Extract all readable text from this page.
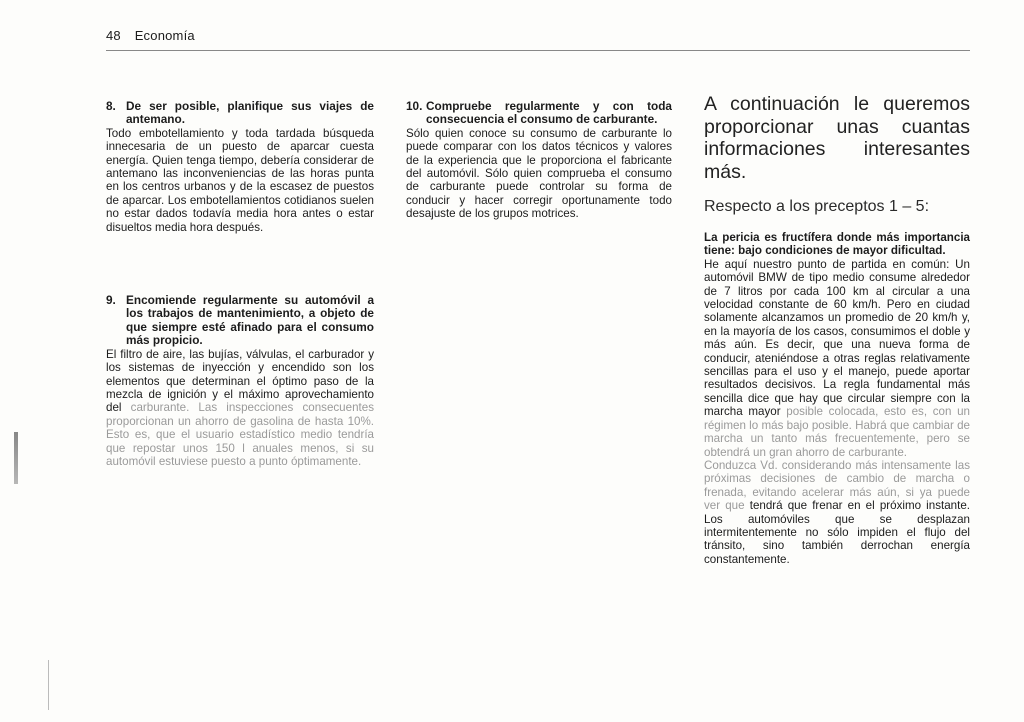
48 Economía
8. De ser posible, planifique sus viajes de antemano.

Todo embotellamiento y toda tardada búsqueda innecesaria de un puesto de aparcar cuesta energía. Quien tenga tiempo, debería considerar de antemano las inconveniencias de las horas punta en los centros urbanos y de la escasez de puestos de aparcar. Los embotellamientos cotidianos suelen no estar dados todavía media hora antes o estar disueltos media hora después.

9. Encomiende regularmente su automóvil a los trabajos de mantenimiento, a objeto de que siempre esté afinado para el consumo más propicio.

El filtro de aire, las bujías, válvulas, el carburador y los sistemas de inyección y encendido son los elementos que determinan el óptimo paso de la mezcla de ignición y el máximo aprovechamiento del carburante. Las inspecciones consecuentes proporcionan un ahorro de gasolina de hasta 10%. Esto es, que el usuario estadístico medio tendría que repostar unos 150 l anuales menos, si su automóvil estuviese puesto a punto óptimamente.

10. Compruebe regularmente y con toda consecuencia el consumo de carburante.

Sólo quien conoce su consumo de carburante lo puede comparar con los datos técnicos y valores de la experiencia que le proporciona el fabricante del automóvil. Sólo quien comprueba el consumo de carburante puede controlar su forma de conducir y hacer corregir oportunamente todo desajuste de los grupos motrices.

A continuación le queremos proporcionar unas cuantas informaciones interesantes más.

Respecto a los preceptos 1 – 5:

La pericia es fructífera donde más importancia tiene: bajo condiciones de mayor dificultad.

He aquí nuestro punto de partida en común: Un automóvil BMW de tipo medio consume alrededor de 7 litros por cada 100 km al circular a una velocidad constante de 60 km/h. Pero en ciudad solamente alcanzamos un promedio de 20 km/h y, en la mayoría de los casos, consumimos el doble y más aún. Es decir, que una nueva forma de conducir, ateniéndose a otras reglas relativamente sencillas para el uso y el manejo, puede aportar resultados decisivos. La regla fundamental más sencilla dice que hay que circular siempre con la marcha mayor posible colocada, esto es, con un régimen lo más bajo posible. Habrá que cambiar de marcha un tanto más frecuentemente, pero se obtendrá un gran ahorro de carburante.

Conduzca Vd. considerando más intensamente las próximas decisiones de cambio de marcha o frenada, evitando acelerar más aún, si ya puede ver que tendrá que frenar en el próximo instante. Los automóviles que se desplazan intermitentemente no sólo impiden el flujo del tránsito, sino también derrochan energía constantemente.
